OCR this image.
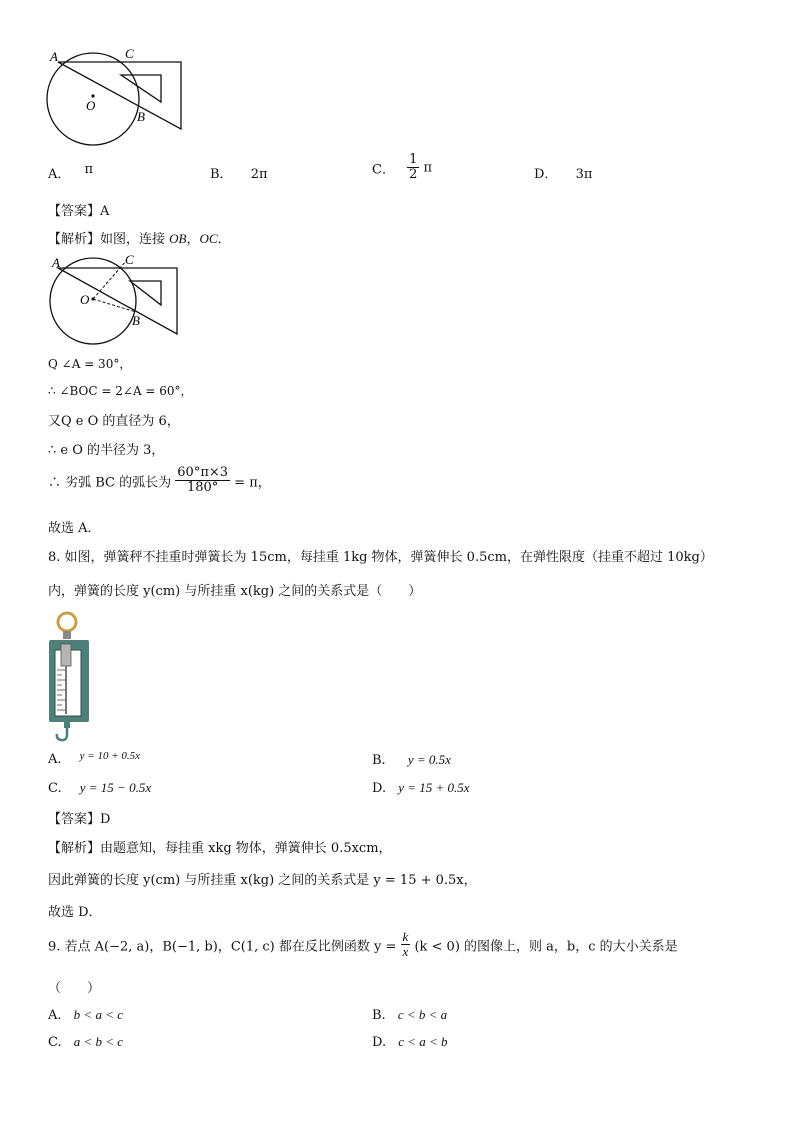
A	C
O
B
A． π	B． 2π	C． $\frac{1}{2}$ π	D． 3π
【答案】A
【解析】如图，连接 OB，OC．
A	C
O
B
Q ∠A = 30°，
∴ ∠BOC = 2∠A = 60°，
又Q e O 的直径为 6，
∴ e O 的半径为 3，
∴ 劣弧 BC 的弧长为 $\frac{60^\circ\pi\times 3}{180^\circ} = \pi$，
故选 A．
8. 如图，弹簧秤不挂重时弹簧长为 15cm，每挂重 1kg 物体，弹簧伸长 0.5cm，在弹性限度（挂重不超过 10kg）
内，弹簧的长度 y(cm) 与所挂重 x(kg) 之间的关系式是（　　）
A. $^{y = 10 + 0.5x}$	B. y = 0.5x
C. y = 15 − 0.5x	D. y = 15 + 0.5x
【答案】D
【解析】由题意知，每挂重 xkg 物体，弹簧伸长 0.5xcm，
因此弹簧的长度 y(cm) 与所挂重 x(kg) 之间的关系式是 y = 15 + 0.5x，
故选 D．
9. 若点 A(−2, a)，B(−1, b)，C(1, c) 都在反比例函数 $y = \frac{k}{x} (k < 0)$ 的图像上，则 a，b，c 的大小关系是
（　　）
A. b < a < c	B. c < b < a
C. a < b < c	D. c < a < b
